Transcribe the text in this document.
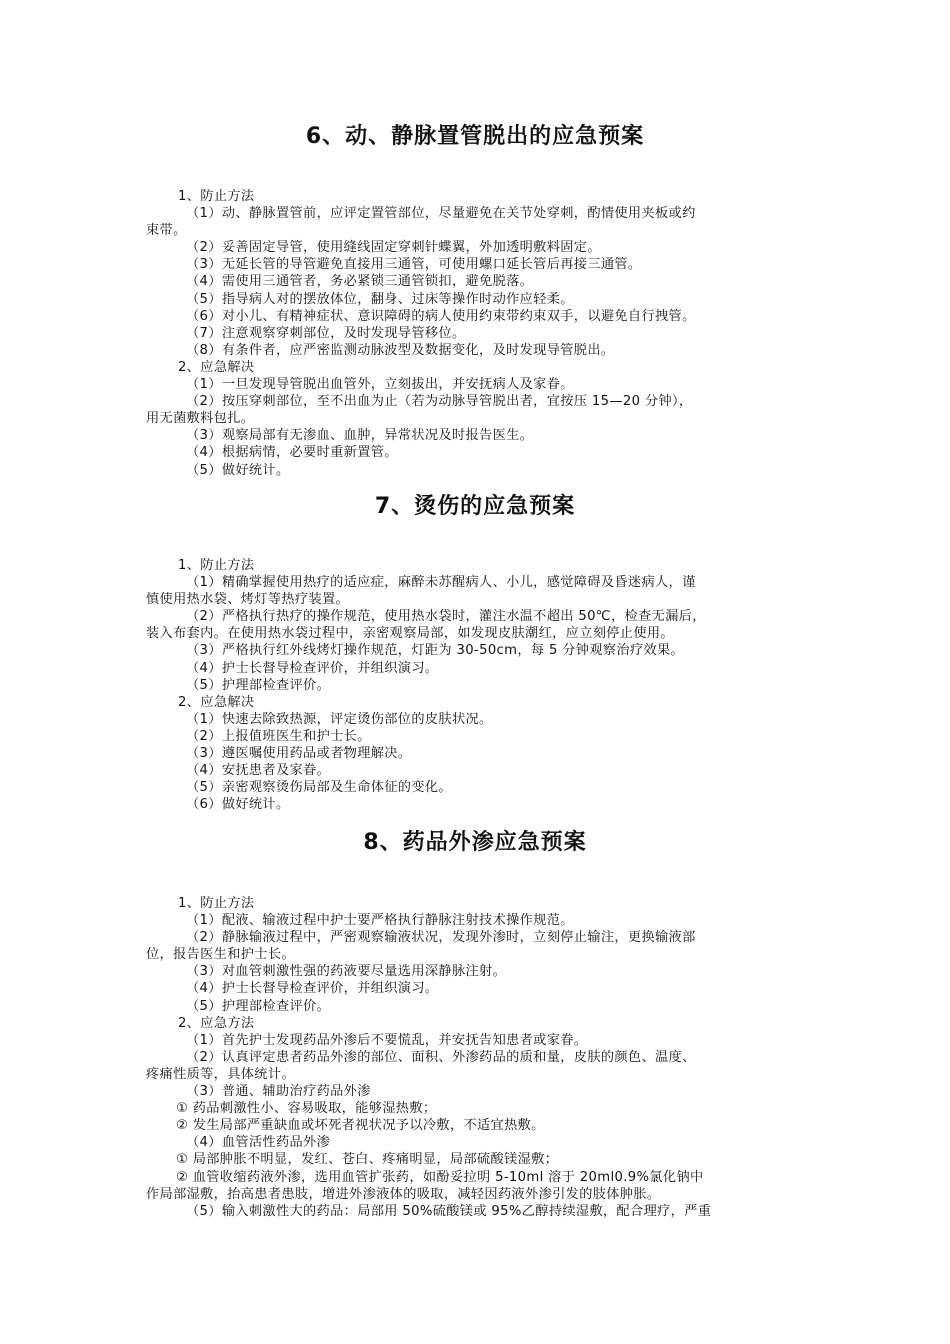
6、动、静脉置管脱出的应急预案

1、防止方法

（1）动、静脉置管前，应评定置管部位，尽量避免在关节处穿刺，酌情使用夹板或约

束带。

（2）妥善固定导管，使用缝线固定穿刺针蝶翼，外加透明敷料固定。

（3）无延长管的导管避免直接用三通管，可使用螺口延长管后再接三通管。

（4）需使用三通管者，务必紧锁三通管锁扣，避免脱落。

（5）指导病人对的摆放体位，翻身、过床等操作时动作应轻柔。

（6）对小儿、有精神症状、意识障碍的病人使用约束带约束双手，以避免自行拽管。

（7）注意观察穿刺部位，及时发现导管移位。

（8）有条件者，应严密监测动脉波型及数据变化，及时发现导管脱出。

2、应急解决

（1）一旦发现导管脱出血管外，立刻拔出，并安抚病人及家眷。

（2）按压穿刺部位，至不出血为止（若为动脉导管脱出者，宜按压 15—20 分钟），

用无菌敷料包扎。

（3）观察局部有无渗血、血肿，异常状况及时报告医生。

（4）根据病情，必要时重新置管。

（5）做好统计。

7、烫伤的应急预案

1、防止方法

（1）精确掌握使用热疗的适应症，麻醉未苏醒病人、小儿，感觉障碍及昏迷病人，谨

慎使用热水袋、烤灯等热疗装置。

（2）严格执行热疗的操作规范，使用热水袋时，灌注水温不超出 50℃，检查无漏后，

装入布套内。在使用热水袋过程中，亲密观察局部，如发现皮肤潮红，应立刻停止使用。

（3）严格执行红外线烤灯操作规范，灯距为 30-50cm，每 5 分钟观察治疗效果。

（4）护士长督导检查评价，并组织演习。

（5）护理部检查评价。

2、应急解决

（1）快速去除致热源，评定烫伤部位的皮肤状况。

（2）上报值班医生和护士长。

（3）遵医嘱使用药品或者物理解决。

（4）安抚患者及家眷。

（5）亲密观察烫伤局部及生命体征的变化。

（6）做好统计。

8、药品外渗应急预案

1、防止方法

（1）配液、输液过程中护士要严格执行静脉注射技术操作规范。

（2）静脉输液过程中，严密观察输液状况，发现外渗时，立刻停止输注，更换输液部

位，报告医生和护士长。

（3）对血管刺激性强的药液要尽量选用深静脉注射。

（4）护士长督导检查评价，并组织演习。

（5）护理部检查评价。

2、应急方法

（1）首先护士发现药品外渗后不要慌乱，并安抚告知患者或家眷。

（2）认真评定患者药品外渗的部位、面积、外渗药品的质和量，皮肤的颜色、温度、

疼痛性质等，具体统计。

（3）普通、辅助治疗药品外渗

① 药品刺激性小、容易吸取，能够湿热敷；

② 发生局部严重缺血或坏死者视状况予以冷敷，不适宜热敷。

（4）血管活性药品外渗

① 局部肿胀不明显，发红、苍白、疼痛明显，局部硫酸镁湿敷；

② 血管收缩药液外渗，选用血管扩张药，如酚妥拉明 5-10ml 溶于 20ml0.9%氯化钠中

作局部湿敷，抬高患者患肢，增进外渗液体的吸取，减轻因药液外渗引发的肢体肿胀。

（5）输入刺激性大的药品：局部用 50%硫酸镁或 95%乙醇持续湿敷，配合理疗，严重
